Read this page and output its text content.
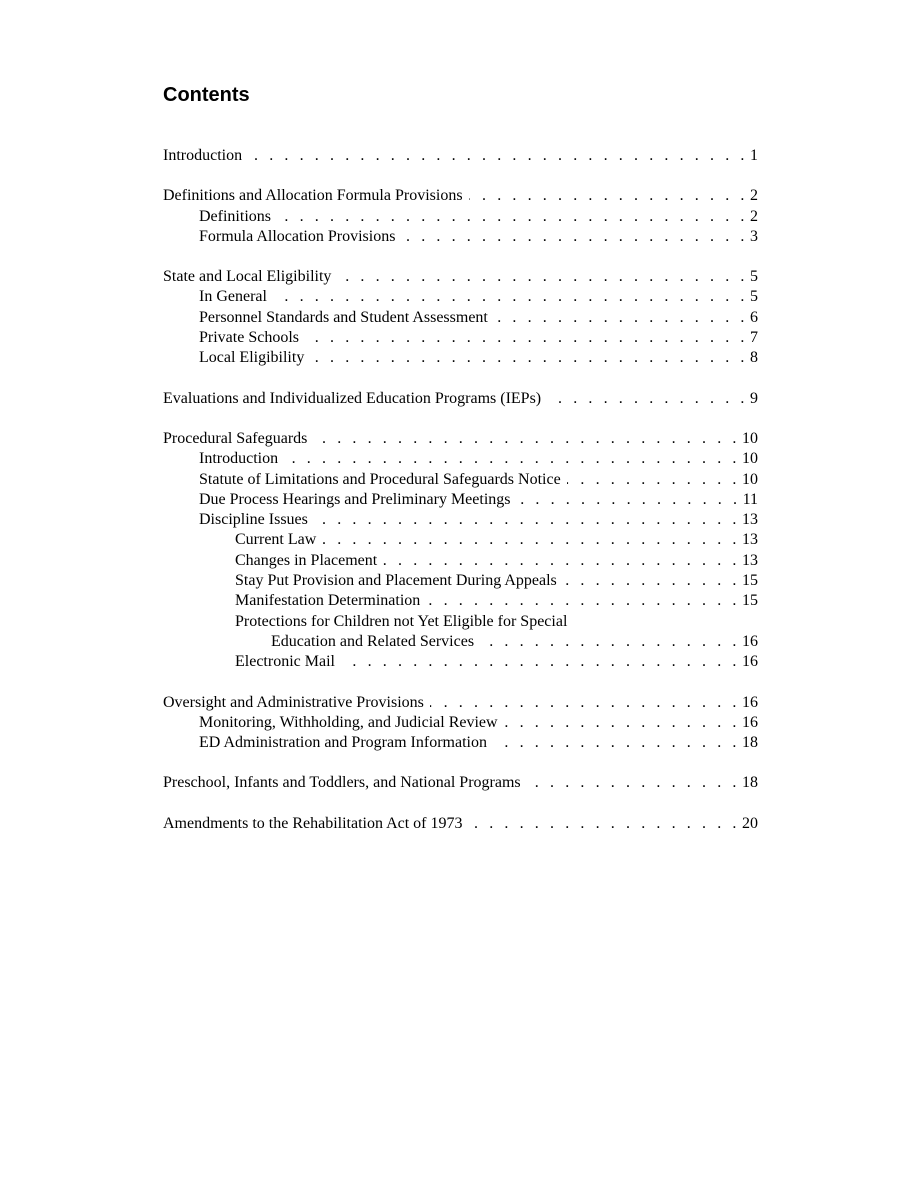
Contents
Introduction . . .	1
Definitions and Allocation Formula Provisions . . .	2
Definitions . . .	2
Formula Allocation Provisions . . .	3
State and Local Eligibility . . .	5
In General . . .	5
Personnel Standards and Student Assessment . . .	6
Private Schools . . .	7
Local Eligibility . . .	8
Evaluations and Individualized Education Programs (IEPs) . . .	9
Procedural Safeguards . . .	10
Introduction . . .	10
Statute of Limitations and Procedural Safeguards Notice . . .	10
Due Process Hearings and Preliminary Meetings . . .	11
Discipline Issues . . .	13
Current Law . . .	13
Changes in Placement . . .	13
Stay Put Provision and Placement During Appeals . . .	15
Manifestation Determination . . .	15
Protections for Children not Yet Eligible for Special
Education and Related Services . . .	16
Electronic Mail . . .	16
Oversight and Administrative Provisions . . .	16
Monitoring, Withholding, and Judicial Review . . .	16
ED Administration and Program Information . . .	18
Preschool, Infants and Toddlers, and National Programs . . .	18
Amendments to the Rehabilitation Act of 1973 . . .	20
